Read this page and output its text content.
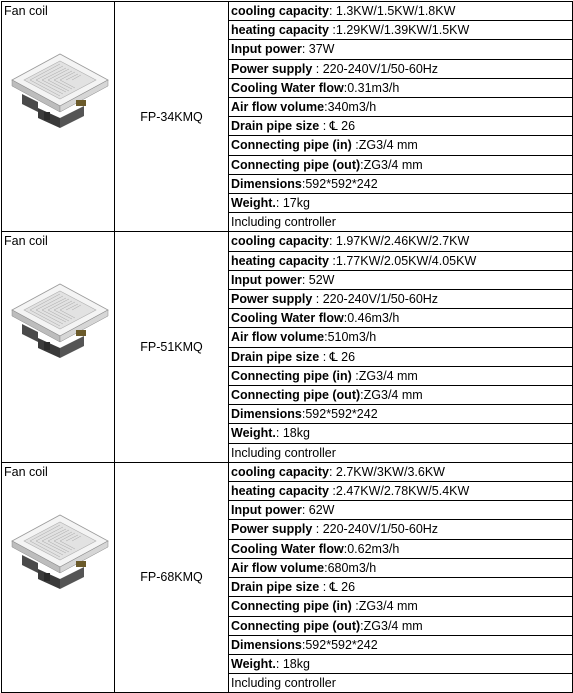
Fan coil	FP-34KMQ	cooling capacity: 1.3KW/1.5KW/1.8KW
		heating capacity :1.29KW/1.39KW/1.5KW
		Input power: 37W
		Power supply : 220-240V/1/50-60Hz
		Cooling Water flow:0.31m3/h
		Air flow volume:340m3/h
		Drain pipe size : ℄ 26
		Connecting pipe (in) :ZG3/4 mm
		Connecting pipe (out):ZG3/4 mm
		Dimensions:592*592*242
		Weight.: 17kg
		Including controller

Fan coil	FP-51KMQ	cooling capacity: 1.97KW/2.46KW/2.7KW
		heating capacity :1.77KW/2.05KW/4.05KW
		Input power: 52W
		Power supply : 220-240V/1/50-60Hz
		Cooling Water flow:0.46m3/h
		Air flow volume:510m3/h
		Drain pipe size : ℄ 26
		Connecting pipe (in) :ZG3/4 mm
		Connecting pipe (out):ZG3/4 mm
		Dimensions:592*592*242
		Weight.: 18kg
		Including controller

Fan coil	FP-68KMQ	cooling capacity: 2.7KW/3KW/3.6KW
		heating capacity :2.47KW/2.78KW/5.4KW
		Input power: 62W
		Power supply : 220-240V/1/50-60Hz
		Cooling Water flow:0.62m3/h
		Air flow volume:680m3/h
		Drain pipe size : ℄ 26
		Connecting pipe (in) :ZG3/4 mm
		Connecting pipe (out):ZG3/4 mm
		Dimensions:592*592*242
		Weight.: 18kg
		Including controller
